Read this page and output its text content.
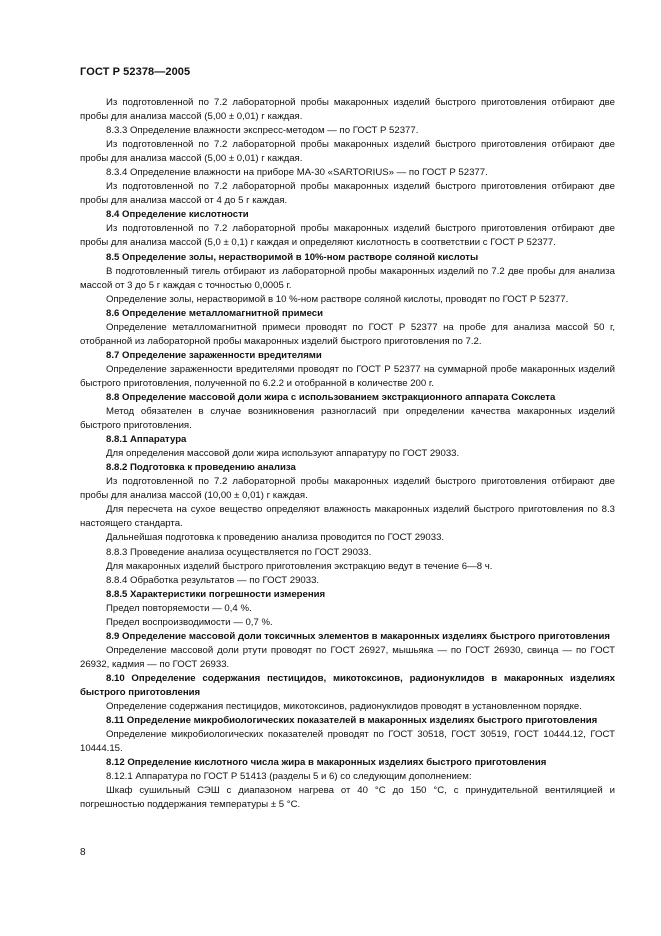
ГОСТ Р 52378—2005

Из подготовленной по 7.2 лабораторной пробы макаронных изделий быстрого приготовления отбирают две пробы для анализа массой (5,00 ± 0,01) г каждая.

8.3.3 Определение влажности экспресс-методом — по ГОСТ Р 52377.

Из подготовленной по 7.2 лабораторной пробы макаронных изделий быстрого приготовления отбирают две пробы для анализа массой (5,00 ± 0,01) г каждая.

8.3.4 Определение влажности на приборе МА-30 «SARTORIUS» — по ГОСТ Р 52377.

Из подготовленной по 7.2 лабораторной пробы макаронных изделий быстрого приготовления отбирают две пробы для анализа массой от 4 до 5 г каждая.

8.4 Определение кислотности

Из подготовленной по 7.2 лабораторной пробы макаронных изделий быстрого приготовления отбирают две пробы для анализа массой (5,0 ± 0,1) г каждая и определяют кислотность в соответствии с ГОСТ Р 52377.

8.5 Определение золы, нерастворимой в 10%-ном растворе соляной кислоты

В подготовленный тигель отбирают из лабораторной пробы макаронных изделий по 7.2 две пробы для анализа массой от 3 до 5 г каждая с точностью 0,0005 г.

Определение золы, нерастворимой в 10 %-ном растворе соляной кислоты, проводят по ГОСТ Р 52377.

8.6 Определение металломагнитной примеси

Определение металломагнитной примеси проводят по ГОСТ Р 52377 на пробе для анализа массой 50 г, отобранной из лабораторной пробы макаронных изделий быстрого приготовления по 7.2.

8.7 Определение зараженности вредителями

Определение зараженности вредителями проводят по ГОСТ Р 52377 на суммарной пробе макаронных изделий быстрого приготовления, полученной по 6.2.2 и отобранной в количестве 200 г.

8.8 Определение массовой доли жира с использованием экстракционного аппарата Сокслета

Метод обязателен в случае возникновения разногласий при определении качества макаронных изделий быстрого приготовления.

8.8.1 Аппаратура

Для определения массовой доли жира используют аппаратуру по ГОСТ 29033.

8.8.2 Подготовка к проведению анализа

Из подготовленной по 7.2 лабораторной пробы макаронных изделий быстрого приготовления отбирают две пробы для анализа массой (10,00 ± 0,01) г каждая.

Для пересчета на сухое вещество определяют влажность макаронных изделий быстрого приготовления по 8.3 настоящего стандарта.

Дальнейшая подготовка к проведению анализа проводится по ГОСТ 29033.

8.8.3 Проведение анализа осуществляется по ГОСТ 29033.

Для макаронных изделий быстрого приготовления экстракцию ведут в течение 6—8 ч.

8.8.4 Обработка результатов — по ГОСТ 29033.

8.8.5 Характеристики погрешности измерения

Предел повторяемости — 0,4 %.

Предел воспроизводимости — 0,7 %.

8.9 Определение массовой доли токсичных элементов в макаронных изделиях быстрого приготовления

Определение массовой доли ртути проводят по ГОСТ 26927, мышьяка — по ГОСТ 26930, свинца — по ГОСТ 26932, кадмия — по ГОСТ 26933.

8.10 Определение содержания пестицидов, микотоксинов, радионуклидов в макаронных изделиях быстрого приготовления

Определение содержания пестицидов, микотоксинов, радионуклидов проводят в установленном порядке.

8.11 Определение микробиологических показателей в макаронных изделиях быстрого приготовления

Определение микробиологических показателей проводят по ГОСТ 30518, ГОСТ 30519, ГОСТ 10444.12, ГОСТ 10444.15.

8.12 Определение кислотного числа жира в макаронных изделиях быстрого приготовления

8.12.1 Аппаратура по ГОСТ Р 51413 (разделы 5 и 6) со следующим дополнением:

Шкаф сушильный СЭШ с диапазоном нагрева от 40 °С до 150 °С, с принудительной вентиляцией и погрешностью поддержания температуры ± 5 °С.

8
